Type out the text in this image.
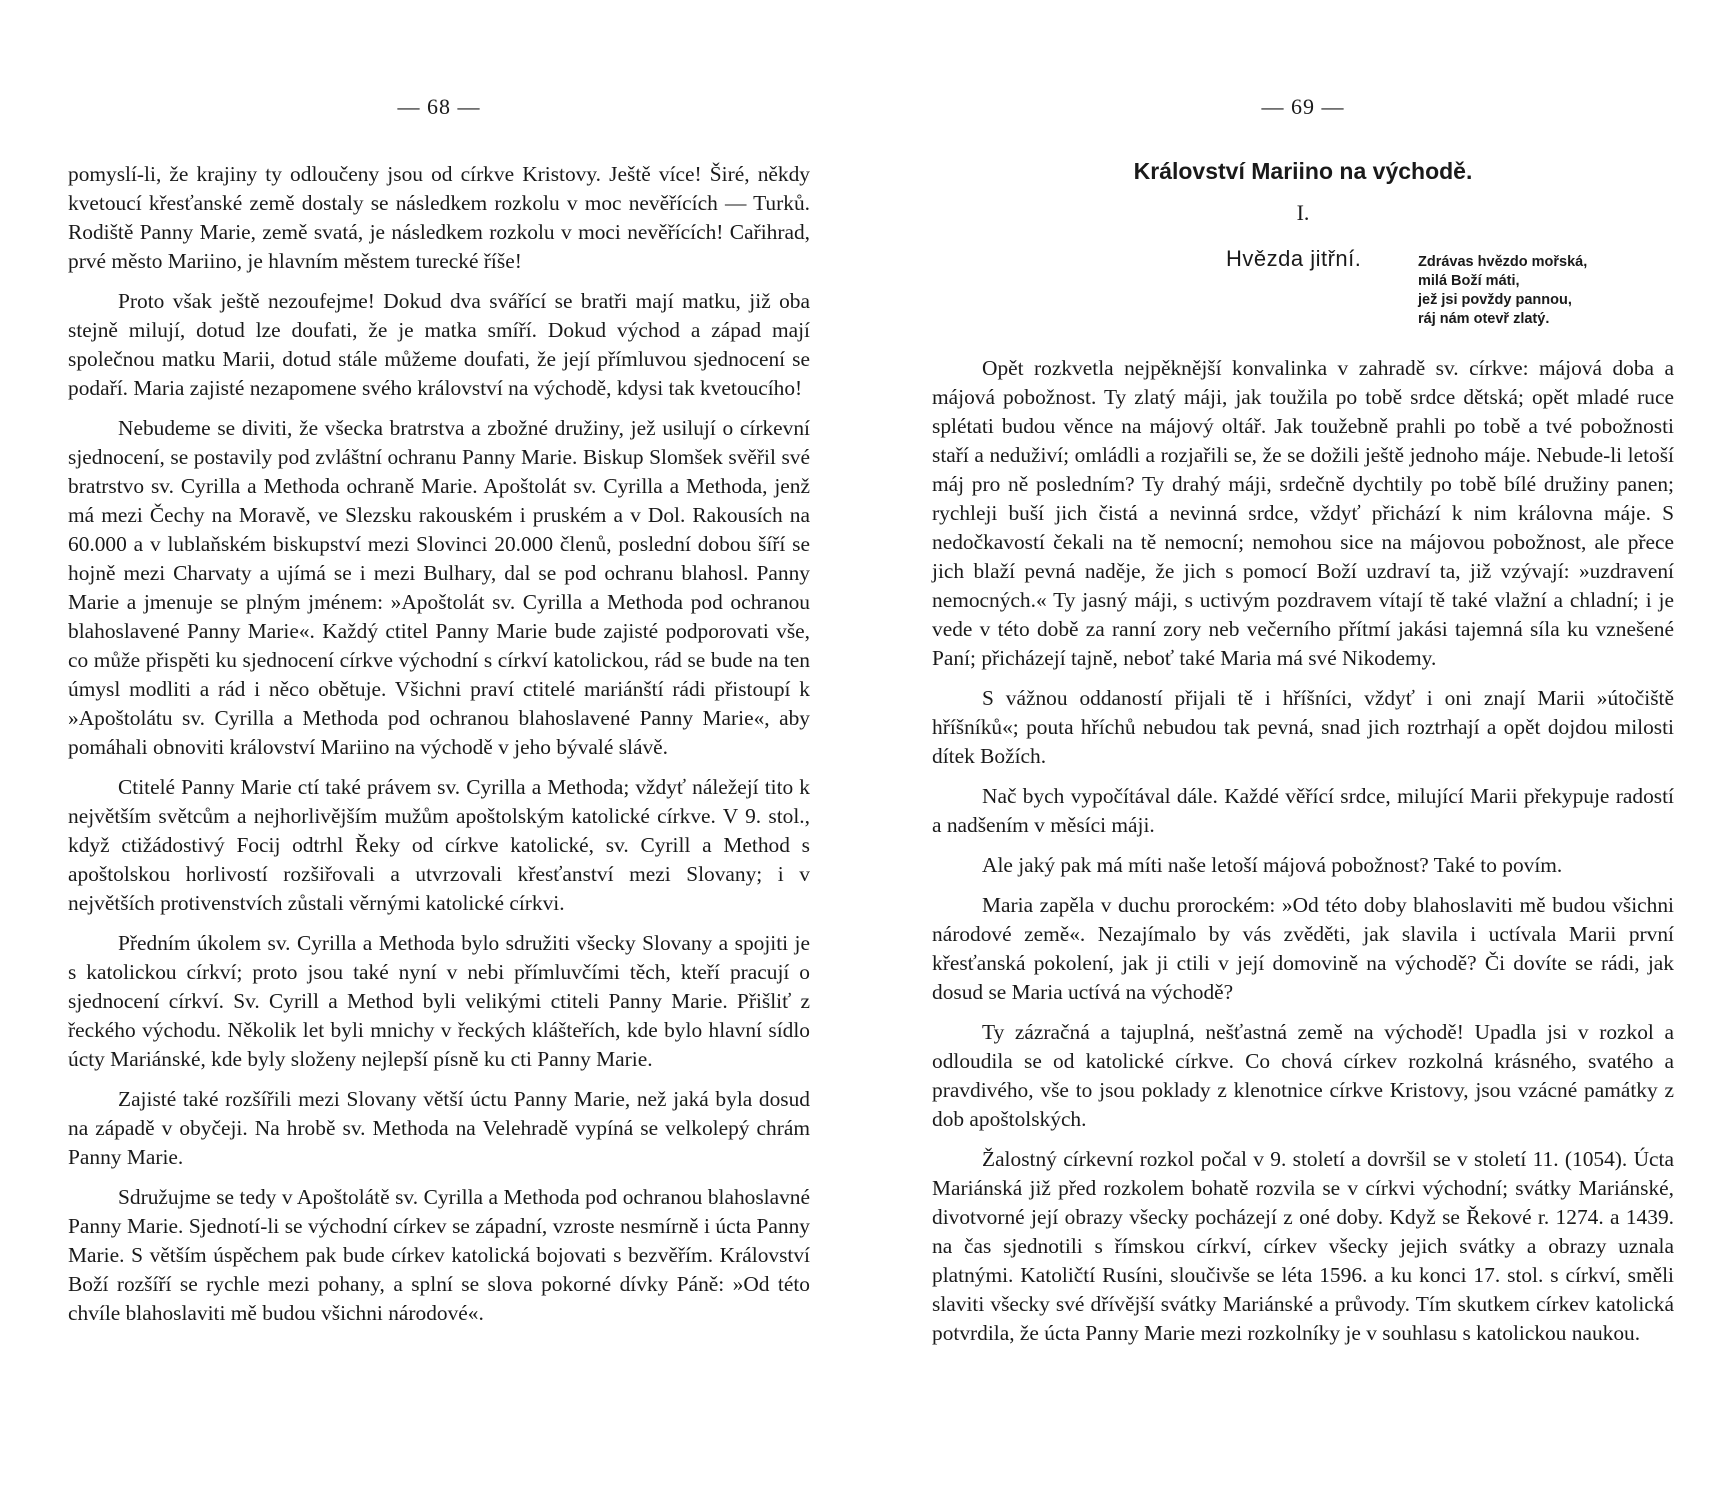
— 68 —

pomyslí-li, že krajiny ty odloučeny jsou od církve Kristovy. Ještě více! Širé, někdy kvetoucí křesťanské země dostaly se následkem rozkolu v moc nevěřících — Turků. Rodiště Panny Marie, země svatá, je následkem rozkolu v moci nevěřících! Cařihrad, prvé město Mariino, je hlavním městem turecké říše!

Proto však ještě nezoufejme! Dokud dva svářící se bratři mají matku, již oba stejně milují, dotud lze doufati, že je matka smíří. Dokud východ a západ mají společnou matku Marii, dotud stále můžeme doufati, že její přímluvou sjednocení se podaří. Maria zajisté nezapomene svého království na východě, kdysi tak kvetoucího!

Nebudeme se diviti, že všecka bratrstva a zbožné družiny, jež usilují o církevní sjednocení, se postavily pod zvláštní ochranu Panny Marie. Biskup Slomšek svěřil své bratrstvo sv. Cyrilla a Methoda ochraně Marie. Apoštolát sv. Cyrilla a Methoda, jenž má mezi Čechy na Moravě, ve Slezsku rakouském i pruském a v Dol. Rakousích na 60.000 a v lublaňském biskupství mezi Slovinci 20.000 členů, poslední dobou šíří se hojně mezi Charvaty a ujímá se i mezi Bulhary, dal se pod ochranu blahosl. Panny Marie a jmenuje se plným jménem: »Apoštolát sv. Cyrilla a Methoda pod ochranou blahoslavené Panny Marie«. Každý ctitel Panny Marie bude zajisté podporovati vše, co může přispěti ku sjednocení církve východní s církví katolickou, rád se bude na ten úmysl modliti a rád i něco obětuje. Všichni praví ctitelé mariánští rádi přistoupí k »Apoštolátu sv. Cyrilla a Methoda pod ochranou blahoslavené Panny Marie«, aby pomáhali obnoviti království Mariino na východě v jeho bývalé slávě.

Ctitelé Panny Marie ctí také právem sv. Cyrilla a Methoda; vždyť náležejí tito k největším světcům a nejhorlivějším mužům apoštolským katolické církve. V 9. stol., když ctižádostivý Focij odtrhl Řeky od církve katolické, sv. Cyrill a Method s apoštolskou horlivostí rozšiřovali a utvrzovali křesťanství mezi Slovany; i v největších protivenstvích zůstali věrnými katolické církvi.

Předním úkolem sv. Cyrilla a Methoda bylo sdružiti všecky Slovany a spojiti je s katolickou církví; proto jsou také nyní v nebi přímluvčími těch, kteří pracují o sjednocení církví. Sv. Cyrill a Method byli velikými ctiteli Panny Marie. Přišliť z řeckého východu. Několik let byli mnichy v řeckých klášteřích, kde bylo hlavní sídlo úcty Mariánské, kde byly složeny nejlepší písně ku cti Panny Marie.

Zajisté také rozšířili mezi Slovany větší úctu Panny Marie, než jaká byla dosud na západě v obyčeji. Na hrobě sv. Methoda na Velehradě vypíná se velkolepý chrám Panny Marie.

Sdružujme se tedy v Apoštolátě sv. Cyrilla a Methoda pod ochranou blahoslavné Panny Marie. Sjednotí-li se východní církev se západní, vzroste nesmírně i úcta Panny Marie. S větším úspěchem pak bude církev katolická bojovati s bezvěřím. Království Boží rozšíří se rychle mezi pohany, a splní se slova pokorné dívky Páně: »Od této chvíle blahoslaviti mě budou všichni národové«.

— 69 —
Království Mariino na východě.
I.
Hvězda jitřní.	Zdrávas hvězdo mořská,
milá Boží máti,
jež jsi povždy pannou,
ráj nám otevř zlatý.

Opět rozkvetla nejpěknější konvalinka v zahradě sv. církve: májová doba a májová pobožnost. Ty zlatý máji, jak toužila po tobě srdce dětská; opět mladé ruce splétati budou věnce na májový oltář. Jak toužebně prahli po tobě a tvé pobožnosti staří a neduživí; omládli a rozjařili se, že se dožili ještě jednoho máje. Nebude-li letoší máj pro ně posledním? Ty drahý máji, srdečně dychtily po tobě bílé družiny panen; rychleji buší jich čistá a nevinná srdce, vždyť přichází k nim královna máje. S nedočkavostí čekali na tě nemocní; nemohou sice na májovou pobožnost, ale přece jich blaží pevná naděje, že jich s pomocí Boží uzdraví ta, již vzývají: »uzdravení nemocných.« Ty jasný máji, s uctivým pozdravem vítají tě také vlažní a chladní; i je vede v této době za ranní zory neb večerního přítmí jakási tajemná síla ku vznešené Paní; přicházejí tajně, neboť také Maria má své Nikodemy.

S vážnou oddaností přijali tě i hříšníci, vždyť i oni znají Marii »útočiště hříšníků«; pouta hříchů nebudou tak pevná, snad jich roztrhají a opět dojdou milosti dítek Božích.

Nač bych vypočítával dále. Každé věřící srdce, milující Marii překypuje radostí a nadšením v měsíci máji.

Ale jaký pak má míti naše letoší májová pobožnost? Také to povím.

Maria zapěla v duchu prorockém: »Od této doby blahoslaviti mě budou všichni národové země«. Nezajímalo by vás zvěděti, jak slavila i uctívala Marii první křesťanská pokolení, jak ji ctili v její domovině na východě? Či dovíte se rádi, jak dosud se Maria uctívá na východě?

Ty zázračná a tajuplná, nešťastná země na východě! Upadla jsi v rozkol a odloudila se od katolické církve. Co chová církev rozkolná krásného, svatého a pravdivého, vše to jsou poklady z klenotnice církve Kristovy, jsou vzácné památky z dob apoštolských.

Žalostný církevní rozkol počal v 9. století a dovršil se v století 11. (1054). Úcta Mariánská již před rozkolem bohatě rozvila se v církvi východní; svátky Mariánské, divotvorné její obrazy všecky pocházejí z oné doby. Když se Řekové r. 1274. a 1439. na čas sjednotili s římskou církví, církev všecky jejich svátky a obrazy uznala platnými. Katoličtí Rusíni, sloučivše se léta 1596. a ku konci 17. stol. s církví, směli slaviti všecky své dřívější svátky Mariánské a průvody. Tím skutkem církev katolická potvrdila, že úcta Panny Marie mezi rozkolníky je v souhlasu s katolickou naukou.
